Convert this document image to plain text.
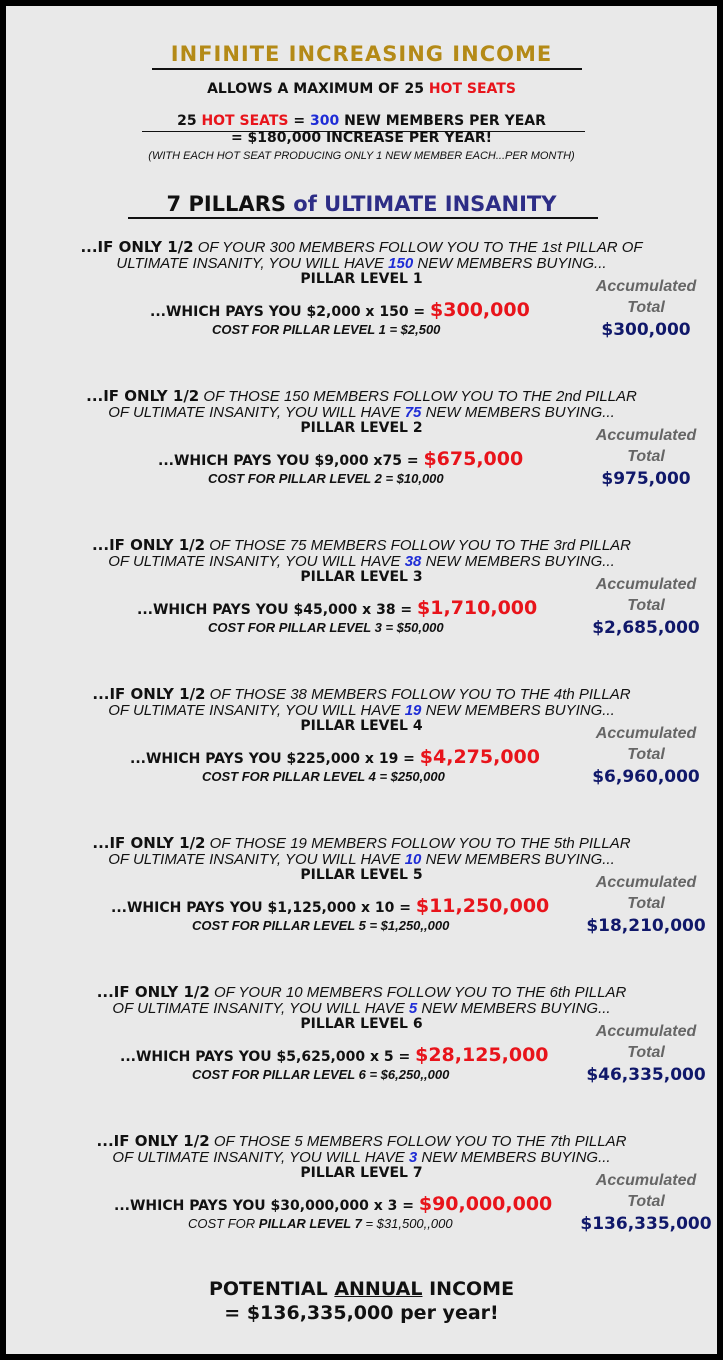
INFINITE INCREASING INCOME
ALLOWS A MAXIMUM OF 25 HOT SEATS
25 HOT SEATS = 300 NEW MEMBERS PER YEAR
= $180,000 INCREASE PER YEAR!
(WITH EACH HOT SEAT PRODUCING ONLY 1 NEW MEMBER EACH...PER MONTH)
7 PILLARS of ULTIMATE INSANITY
...IF ONLY 1/2 OF YOUR 300 MEMBERS FOLLOW YOU TO THE 1st PILLAR OF
ULTIMATE INSANITY, YOU WILL HAVE 150 NEW MEMBERS BUYING...
PILLAR LEVEL 1
...WHICH PAYS YOU $2,000 x 150 = $300,000
COST FOR PILLAR LEVEL 1 = $2,500
Accumulated
Total
$300,000
...IF ONLY 1/2 OF THOSE 150 MEMBERS FOLLOW YOU TO THE 2nd PILLAR
OF ULTIMATE INSANITY, YOU WILL HAVE 75 NEW MEMBERS BUYING...
PILLAR LEVEL 2
...WHICH PAYS YOU $9,000 x75 = $675,000
COST FOR PILLAR LEVEL 2 = $10,000
Accumulated
Total
$975,000
...IF ONLY 1/2 OF THOSE 75 MEMBERS FOLLOW YOU TO THE 3rd PILLAR
OF ULTIMATE INSANITY, YOU WILL HAVE 38 NEW MEMBERS BUYING...
PILLAR LEVEL 3
...WHICH PAYS YOU $45,000 x 38 = $1,710,000
COST FOR PILLAR LEVEL 3 = $50,000
Accumulated
Total
$2,685,000
...IF ONLY 1/2 OF THOSE 38 MEMBERS FOLLOW YOU TO THE 4th PILLAR
OF ULTIMATE INSANITY, YOU WILL HAVE 19 NEW MEMBERS BUYING...
PILLAR LEVEL 4
...WHICH PAYS YOU $225,000 x 19 = $4,275,000
COST FOR PILLAR LEVEL 4 = $250,000
Accumulated
Total
$6,960,000
...IF ONLY 1/2 OF THOSE 19 MEMBERS FOLLOW YOU TO THE 5th PILLAR
OF ULTIMATE INSANITY, YOU WILL HAVE 10 NEW MEMBERS BUYING...
PILLAR LEVEL 5
...WHICH PAYS YOU $1,125,000 x 10 = $11,250,000
COST FOR PILLAR LEVEL 5 = $1,250,,000
Accumulated
Total
$18,210,000
...IF ONLY 1/2 OF YOUR 10 MEMBERS FOLLOW YOU TO THE 6th PILLAR
OF ULTIMATE INSANITY, YOU WILL HAVE 5 NEW MEMBERS BUYING...
PILLAR LEVEL 6
...WHICH PAYS YOU $5,625,000 x 5 = $28,125,000
COST FOR PILLAR LEVEL 6 = $6,250,,000
Accumulated
Total
$46,335,000
...IF ONLY 1/2 OF THOSE 5 MEMBERS FOLLOW YOU TO THE 7th PILLAR
OF ULTIMATE INSANITY, YOU WILL HAVE 3 NEW MEMBERS BUYING...
PILLAR LEVEL 7
...WHICH PAYS YOU $30,000,000 x 3 = $90,000,000
COST FOR PILLAR LEVEL 7 = $31,500,,000
Accumulated
Total
$136,335,000
POTENTIAL ANNUAL INCOME
= $136,335,000 per year!
